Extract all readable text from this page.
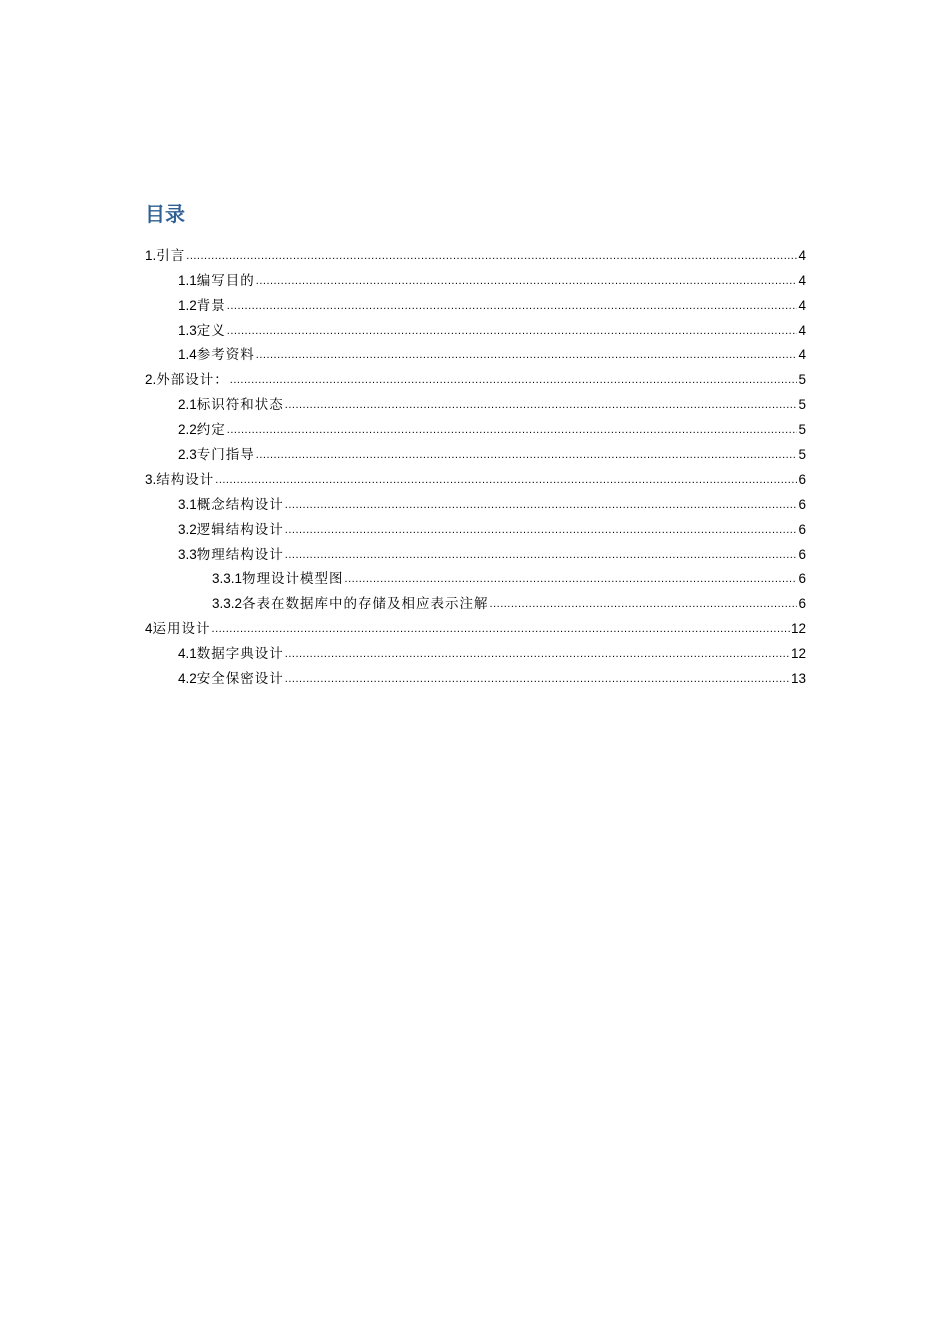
目录
1. 引言 .....	4
1.1 编写目的 .....	4
1.2 背景 .....	4
1.3 定义 .....	4
1.4 参考资料 .....	4
2. 外部设计： .....	5
2.1 标识符和状态 .....	5
2.2 约定 .....	5
2.3 专门指导 .....	5
3. 结构设计 .....	6
3.1 概念结构设计 .....	6
3.2 逻辑结构设计 .....	6
3.3 物理结构设计 .....	6
3.3.1 物理设计模型图 .....	6
3.3.2 各表在数据库中的存储及相应表示注解 .....	6
4 运用设计 .....	12
4.1 数据字典设计 .....	12
4.2 安全保密设计 .....	13
